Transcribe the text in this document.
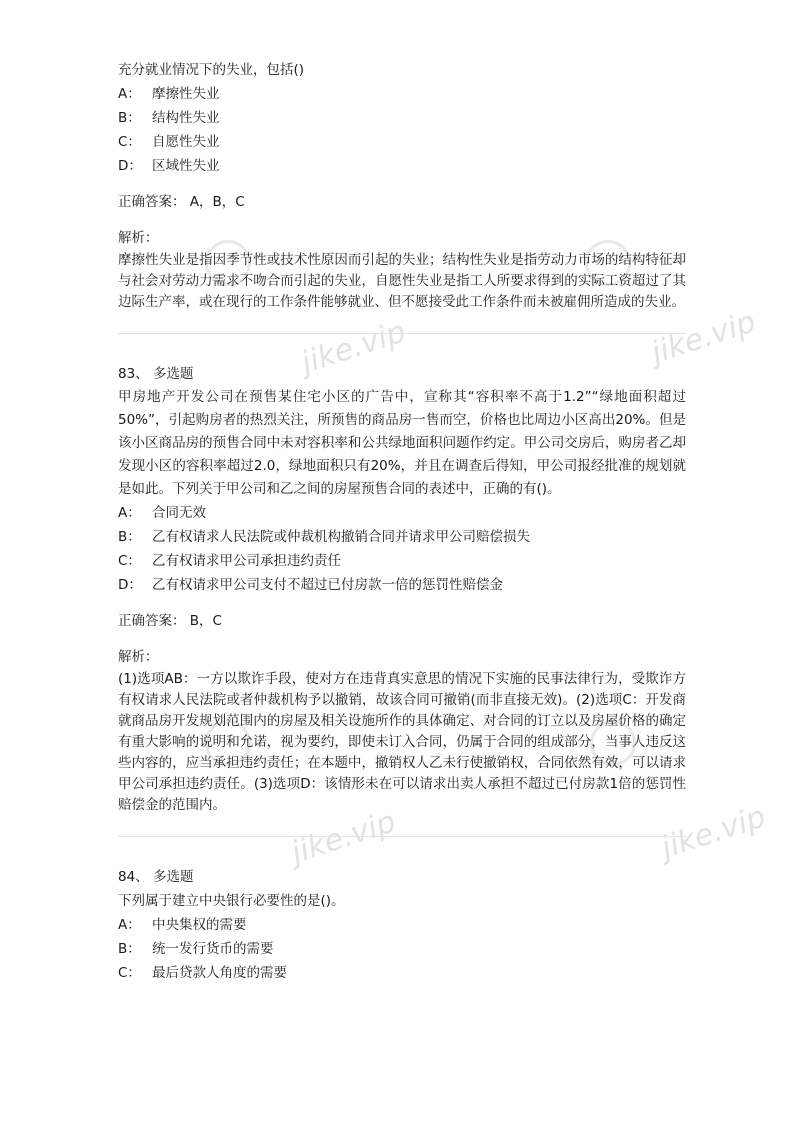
jike.vip	jike.vip
jike.vip	jike.vip
充分就业情况下的失业，包括()
A： 摩擦性失业
B： 结构性失业
C： 自愿性失业
D： 区域性失业
正确答案： A，B，C
解析：
摩擦性失业是指因季节性或技术性原因而引起的失业；结构性失业是指劳动力市场的结构特征却与社会对劳动力需求不吻合而引起的失业，自愿性失业是指工人所要求得到的实际工资超过了其边际生产率，或在现行的工作条件能够就业、但不愿接受此工作条件而未被雇佣所造成的失业。
83、 多选题
甲房地产开发公司在预售某住宅小区的广告中，宣称其“容积率不高于1.2”“绿地面积超过50%”，引起购房者的热烈关注，所预售的商品房一售而空，价格也比周边小区高出20%。但是该小区商品房的预售合同中未对容积率和公共绿地面积问题作约定。甲公司交房后，购房者乙却发现小区的容积率超过2.0，绿地面积只有20%，并且在调查后得知，甲公司报经批准的规划就是如此。下列关于甲公司和乙之间的房屋预售合同的表述中，正确的有()。
A： 合同无效
B： 乙有权请求人民法院或仲裁机构撤销合同并请求甲公司赔偿损失
C： 乙有权请求甲公司承担违约责任
D： 乙有权请求甲公司支付不超过已付房款一倍的惩罚性赔偿金
正确答案： B，C
解析：
(1)选项AB：一方以欺诈手段，使对方在违背真实意思的情况下实施的民事法律行为，受欺诈方有权请求人民法院或者仲裁机构予以撤销，故该合同可撤销(而非直接无效)。(2)选项C：开发商就商品房开发规划范围内的房屋及相关设施所作的具体确定、对合同的订立以及房屋价格的确定有重大影响的说明和允诺，视为要约，即使未订入合同，仍属于合同的组成部分，当事人违反这些内容的，应当承担违约责任；在本题中，撤销权人乙未行使撤销权，合同依然有效，可以请求甲公司承担违约责任。(3)选项D：该情形未在可以请求出卖人承担不超过已付房款1倍的惩罚性赔偿金的范围内。
84、 多选题
下列属于建立中央银行必要性的是()。
A： 中央集权的需要
B： 统一发行货币的需要
C： 最后贷款人角度的需要
